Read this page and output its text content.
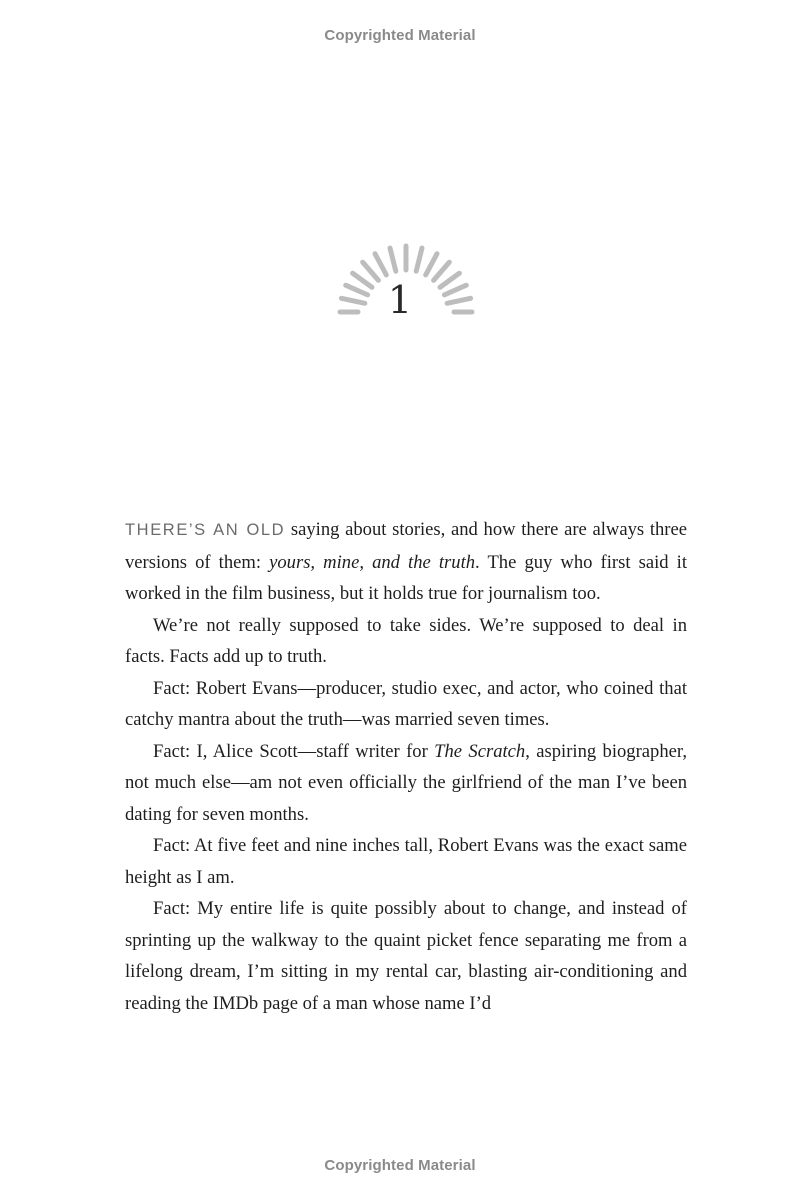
Copyrighted Material
1

THERE’S AN OLD saying about stories, and how there are always three versions of them: yours, mine, and the truth. The guy who first said it worked in the film business, but it holds true for journalism too.

We’re not really supposed to take sides. We’re supposed to deal in facts. Facts add up to truth.

Fact: Robert Evans—producer, studio exec, and actor, who coined that catchy mantra about the truth—was married seven times.

Fact: I, Alice Scott—staff writer for The Scratch, aspiring biographer, not much else—am not even officially the girlfriend of the man I’ve been dating for seven months.

Fact: At five feet and nine inches tall, Robert Evans was the exact same height as I am.

Fact: My entire life is quite possibly about to change, and instead of sprinting up the walkway to the quaint picket fence separating me from a lifelong dream, I’m sitting in my rental car, blasting air-conditioning and reading the IMDb page of a man whose name I’d

Copyrighted Material
